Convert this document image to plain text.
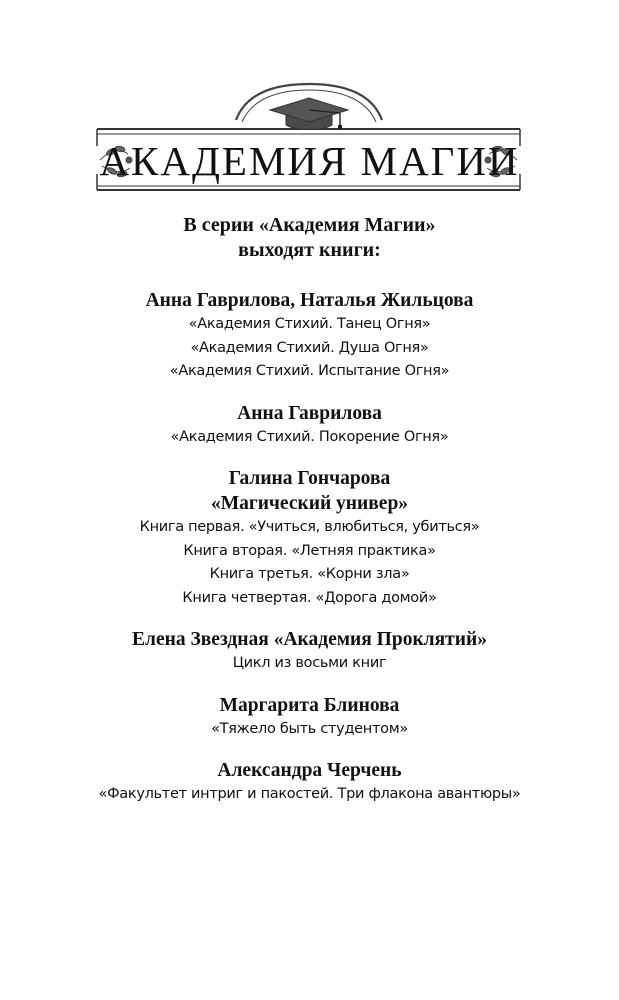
АКАДЕМИЯ МАГИИ
В серии «Академия Магии»
выходят книги:
Анна Гаврилова, Наталья Жильцова
«Академия Стихий. Танец Огня»
«Академия Стихий. Душа Огня»
«Академия Стихий. Испытание Огня»
Анна Гаврилова
«Академия Стихий. Покорение Огня»
Галина Гончарова
«Магический универ»
Книга первая. «Учиться, влюбиться, убиться»
Книга вторая. «Летняя практика»
Книга третья. «Корни зла»
Книга четвертая. «Дорога домой»
Елена Звездная «Академия Проклятий»
Цикл из восьми книг
Маргарита Блинова
«Тяжело быть студентом»
Александра Черчень
«Факультет интриг и пакостей. Три флакона авантюры»
